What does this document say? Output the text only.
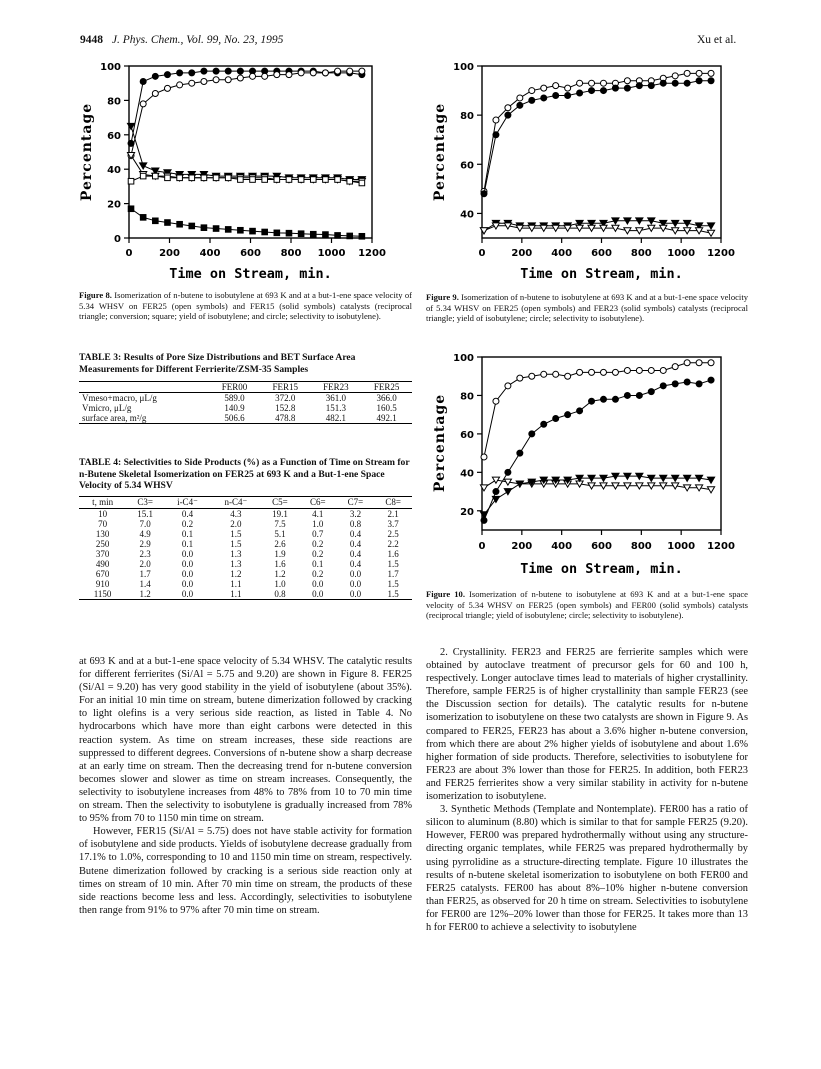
9448 J. Phys. Chem., Vol. 99, No. 23, 1995	Xu et al.
0	200 400 600 800 1000 1200
0
20
40
60
80
100
Time on Stream, min.
Percentage
Figure 8. Isomerization of n-butene to isobutylene at 693 K and at a but-1-ene space velocity of 5.34 WHSV on FER25 (open symbols) and FER15 (solid symbols) catalysts (reciprocal triangle; conversion; square; yield of isobutylene; and circle; selectivity to isobutylene).
0	200 400 600 800 1000 1200
40
60
80
100
Time on Stream, min.
Percentage
Figure 9. Isomerization of n-butene to isobutylene at 693 K and at a but-1-ene space velocity of 5.34 WHSV on FER25 (open symbols) and FER23 (solid symbols) catalysts (reciprocal triangle; yield of isobutylene; circle; selectivity to isobutylene).
0	200 400 600 800 1000 1200
20
40
60
80
100
Time on Stream, min.
Percentage
Figure 10. Isomerization of n-butene to isobutylene at 693 K and at a but-1-ene space velocity of 5.34 WHSV on FER25 (open symbols) and FER00 (solid symbols) catalysts (reciprocal triangle; yield of isobutylene; circle; selectivity to isobutylene).
TABLE 3: Results of Pore Size Distributions and BET Surface Area Measurements for Different Ferrierite/ZSM-35 Samples
	FER00	FER15	FER23	FER25
Vmeso+macro, μL/g	589.0	372.0	361.0	366.0
Vmicro, μL/g	140.9	152.8	151.3	160.5
surface area, m²/g	506.6	478.8	482.1	492.1
TABLE 4: Selectivities to Side Products (%) as a Function of Time on Stream for n-Butene Skeletal Isomerization on FER25 at 693 K and a But-1-ene Space Velocity of 5.34 WHSV
t, min	C3=	i-C4⁻	n-C4⁻	C5=	C6=	C7=	C8=
10	15.1	0.4	4.3	19.1	4.1	3.2	2.1
70	7.0	0.2	2.0	7.5	1.0	0.8	3.7
130	4.9	0.1	1.5	5.1	0.7	0.4	2.5
250	2.9	0.1	1.5	2.6	0.2	0.4	2.2
370	2.3	0.0	1.3	1.9	0.2	0.4	1.6
490	2.0	0.0	1.3	1.6	0.1	0.4	1.5
670	1.7	0.0	1.2	1.2	0.2	0.0	1.7
910	1.4	0.0	1.1	1.0	0.0	0.0	1.5
1150	1.2	0.0	1.1	0.8	0.0	0.0	1.5

at 693 K and at a but-1-ene space velocity of 5.34 WHSV. The catalytic results for different ferrierites (Si/Al = 5.75 and 9.20) are shown in Figure 8. FER25 (Si/Al = 9.20) has very good stability in the yield of isobutylene (about 35%). For an initial 10 min time on stream, butene dimerization followed by cracking to light olefins is a very serious side reaction, as listed in Table 4. No hydrocarbons which have more than eight carbons were detected in this reaction system. As time on stream increases, these side reactions are suppressed to different degrees. Conversions of n-butene show a sharp decrease at an early time on stream. Then the decreasing trend for n-butene conversion becomes slower and slower as time on stream increases. Consequently, the selectivity to isobutylene increases from 48% to 78% from 10 to 70 min time on stream. Then the selectivity to isobutylene is gradually increased from 78% to 95% from 70 to 1150 min time on stream.

However, FER15 (Si/Al = 5.75) does not have stable activity for formation of isobutylene and side products. Yields of isobutylene decrease gradually from 17.1% to 1.0%, corresponding to 10 and 1150 min time on stream, respectively. Butene dimerization followed by cracking is a serious side reaction only at times on stream of 10 min. After 70 min time on stream, the products of these side reactions become less and less. Accordingly, selectivities to isobutylene then range from 91% to 97% after 70 min time on stream.

2. Crystallinity. FER23 and FER25 are ferrierite samples which were obtained by autoclave treatment of precursor gels for 60 and 100 h, respectively. Longer autoclave times lead to materials of higher crystallinity. Therefore, sample FER25 is of higher crystallinity than sample FER23 (see the Discussion section for details). The catalytic results for n-butene isomerization to isobutylene on these two catalysts are shown in Figure 9. As compared to FER25, FER23 has about a 3.6% higher n-butene conversion, from which there are about 2% higher yields of isobutylene and about 1.6% higher formation of side products. Therefore, selectivities to isobutylene for FER23 are about 3% lower than those for FER25. In addition, both FER23 and FER25 ferrierites show a very similar stability in activity for n-butene isomerization to isobutylene.

3. Synthetic Methods (Template and Nontemplate). FER00 has a ratio of silicon to aluminum (8.80) which is similar to that for sample FER25 (9.20). However, FER00 was prepared hydrothermally without using any structure-directing organic templates, while FER25 was prepared hydrothermally by using pyrrolidine as a structure-directing template. Figure 10 illustrates the results of n-butene skeletal isomerization to isobutylene on both FER00 and FER25 catalysts. FER00 has about 8%–10% higher n-butene conversion than FER25, as observed for 20 h time on stream. Selectivities to isobutylene for FER00 are 12%–20% lower than those for FER25. It takes more than 13 h for FER00 to achieve a selectivity to isobutylene
